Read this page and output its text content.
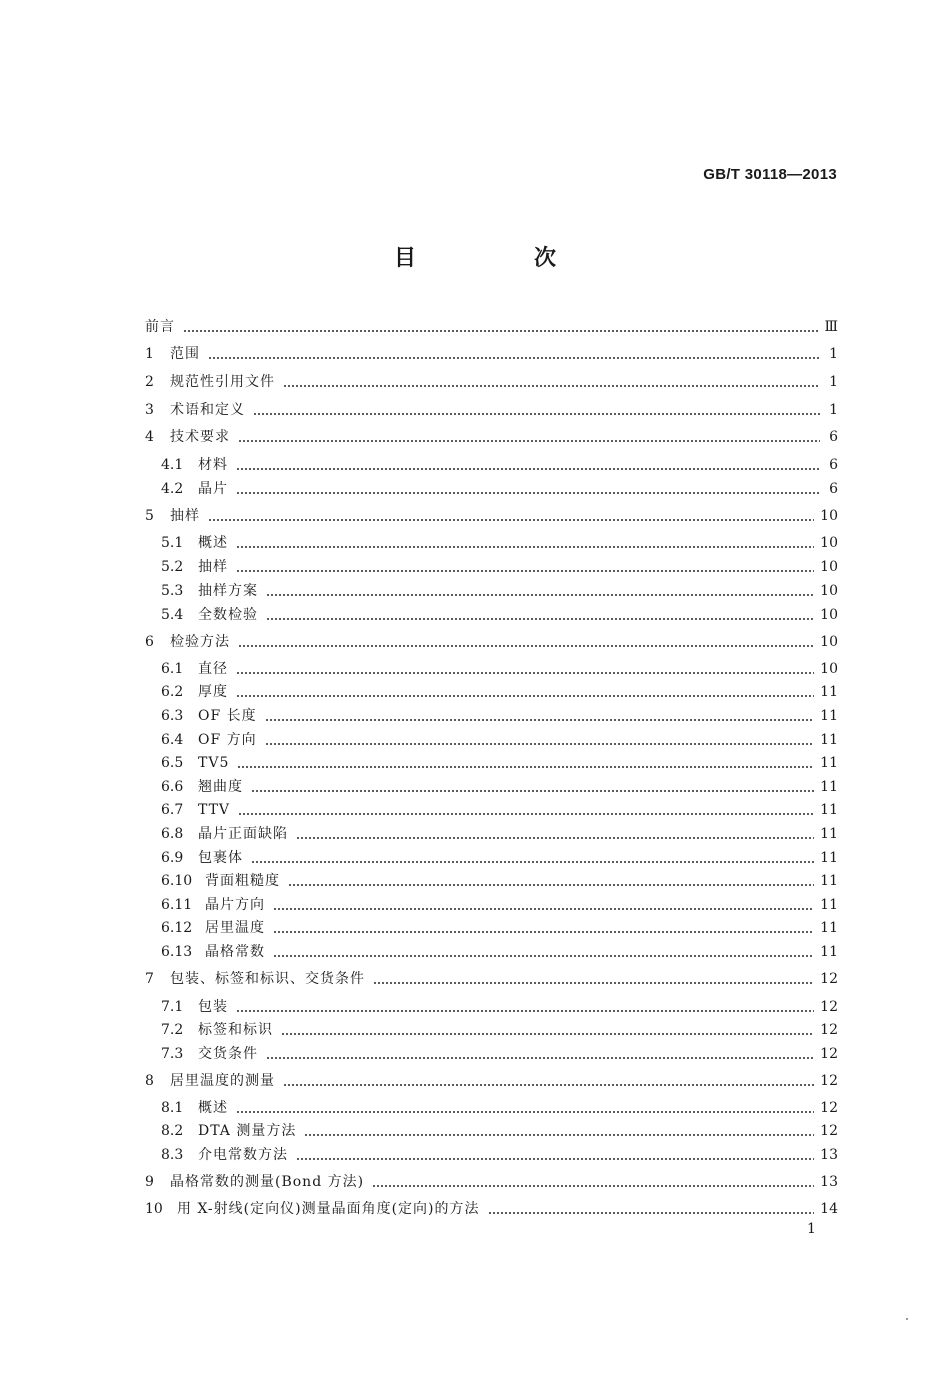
GB/T 30118—2013
目　次
前言	Ⅲ
1	范围	1
2	规范性引用文件	1
3	术语和定义	1
4	技术要求	6
4.1	材料	6
4.2	晶片	6
5	抽样	10
5.1	概述	10
5.2	抽样	10
5.3	抽样方案	10
5.4	全数检验	10
6	检验方法	10
6.1	直径	10
6.2	厚度	11
6.3	OF 长度	11
6.4	OF 方向	11
6.5	TV5	11
6.6	翘曲度	11
6.7	TTV	11
6.8	晶片正面缺陷	11
6.9	包裹体	11
6.10 背面粗糙度	11
6.11 晶片方向	11
6.12 居里温度	11
6.13 晶格常数	11
7	包装、标签和标识、交货条件	12
7.1	包装	12
7.2	标签和标识	12
7.3	交货条件	12
8	居里温度的测量	12
8.1	概述	12
8.2	DTA 测量方法	12
8.3	介电常数方法	13
9	晶格常数的测量(Bond 方法)	13
10	用 X-射线(定向仪)测量晶面角度(定向)的方法	14
1
